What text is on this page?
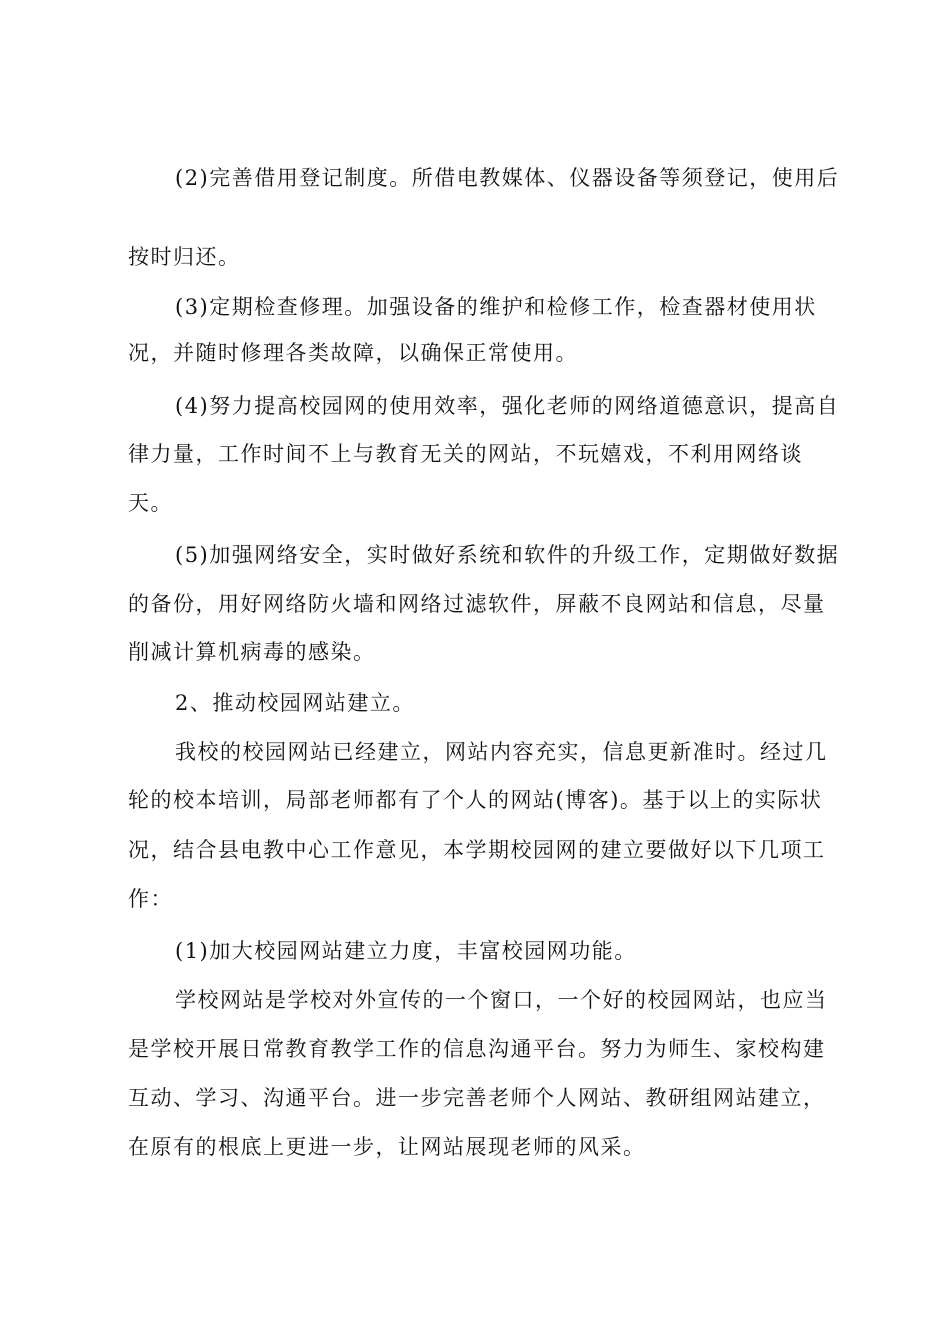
(2)完善借用登记制度。所借电教媒体、仪器设备等须登记，使用后

按时归还。

(3)定期检查修理。加强设备的维护和检修工作，检查器材使用状

况，并随时修理各类故障，以确保正常使用。

(4)努力提高校园网的使用效率，强化老师的网络道德意识，提高自

律力量，工作时间不上与教育无关的网站，不玩嬉戏，不利用网络谈

天。

(5)加强网络安全，实时做好系统和软件的升级工作，定期做好数据

的备份，用好网络防火墙和网络过滤软件，屏蔽不良网站和信息，尽量

削减计算机病毒的感染。

2、推动校园网站建立。

我校的校园网站已经建立，网站内容充实，信息更新准时。经过几

轮的校本培训，局部老师都有了个人的网站(博客)。基于以上的实际状

况，结合县电教中心工作意见，本学期校园网的建立要做好以下几项工

作：

(1)加大校园网站建立力度，丰富校园网功能。

学校网站是学校对外宣传的一个窗口，一个好的校园网站，也应当

是学校开展日常教育教学工作的信息沟通平台。努力为师生、家校构建

互动、学习、沟通平台。进一步完善老师个人网站、教研组网站建立，

在原有的根底上更进一步，让网站展现老师的风采。
